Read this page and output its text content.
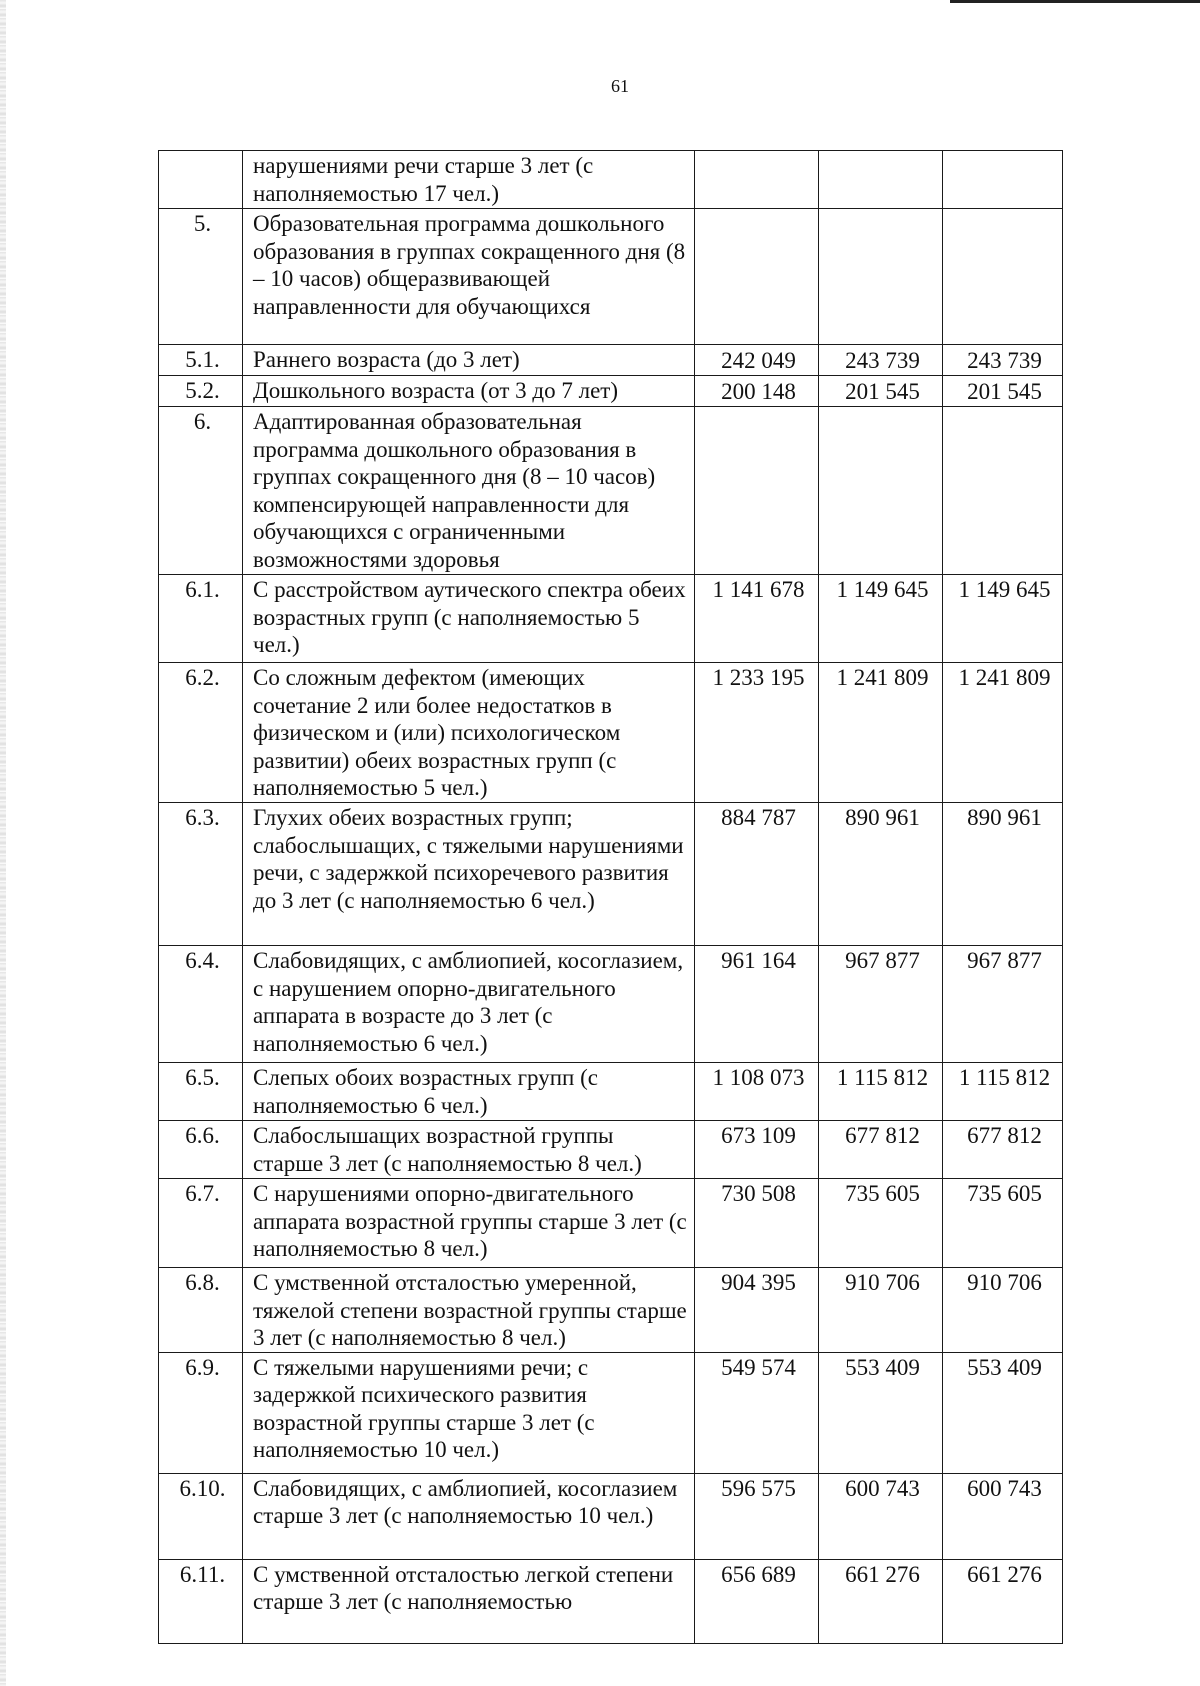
61
	нарушениями речи старше 3 лет (с наполняемостью 17 чел.)			
5.	Образовательная программа дошкольного образования в группах сокращенного дня (8 – 10 часов) общеразвивающей направленности для обучающихся			
5.1.	Раннего возраста (до 3 лет)	242 049	243 739	243 739
5.2.	Дошкольного возраста (от 3 до 7 лет)	200 148	201 545	201 545
6.	Адаптированная образовательная программа дошкольного образования в группах сокращенного дня (8 – 10 часов) компенсирующей направленности для обучающихся с ограниченными возможностями здоровья			
6.1.	С расстройством аутического спектра обеих возрастных групп (с наполняемостью 5 чел.)	1 141 678	1 149 645	1 149 645
6.2.	Со сложным дефектом (имеющих сочетание 2 или более недостатков в физическом и (или) психологическом развитии) обеих возрастных групп (с наполняемостью 5 чел.)	1 233 195	1 241 809	1 241 809
6.3.	Глухих обеих возрастных групп; слабослышащих, с тяжелыми нарушениями речи, с задержкой психоречевого развития до 3 лет (с наполняемостью 6 чел.)	884 787	890 961	890 961
6.4.	Слабовидящих, с амблиопией, косоглазием, с нарушением опорно-двигательного аппарата в возрасте до 3 лет (с наполняемостью 6 чел.)	961 164	967 877	967 877
6.5.	Слепых обоих возрастных групп (с наполняемостью 6 чел.)	1 108 073	1 115 812	1 115 812
6.6.	Слабослышащих возрастной группы старше 3 лет (с наполняемостью 8 чел.)	673 109	677 812	677 812
6.7.	С нарушениями опорно-двигательного аппарата возрастной группы старше 3 лет (с наполняемостью 8 чел.)	730 508	735 605	735 605
6.8.	С умственной отсталостью умеренной, тяжелой степени возрастной группы старше 3 лет (с наполняемостью 8 чел.)	904 395	910 706	910 706
6.9.	С тяжелыми нарушениями речи; с задержкой психического развития возрастной группы старше 3 лет (с наполняемостью 10 чел.)	549 574	553 409	553 409
6.10.	Слабовидящих, с амблиопией, косоглазием старше 3 лет (с наполняемостью 10 чел.)	596 575	600 743	600 743
6.11.	С умственной отсталостью легкой степени старше 3 лет (с наполняемостью	656 689	661 276	661 276
